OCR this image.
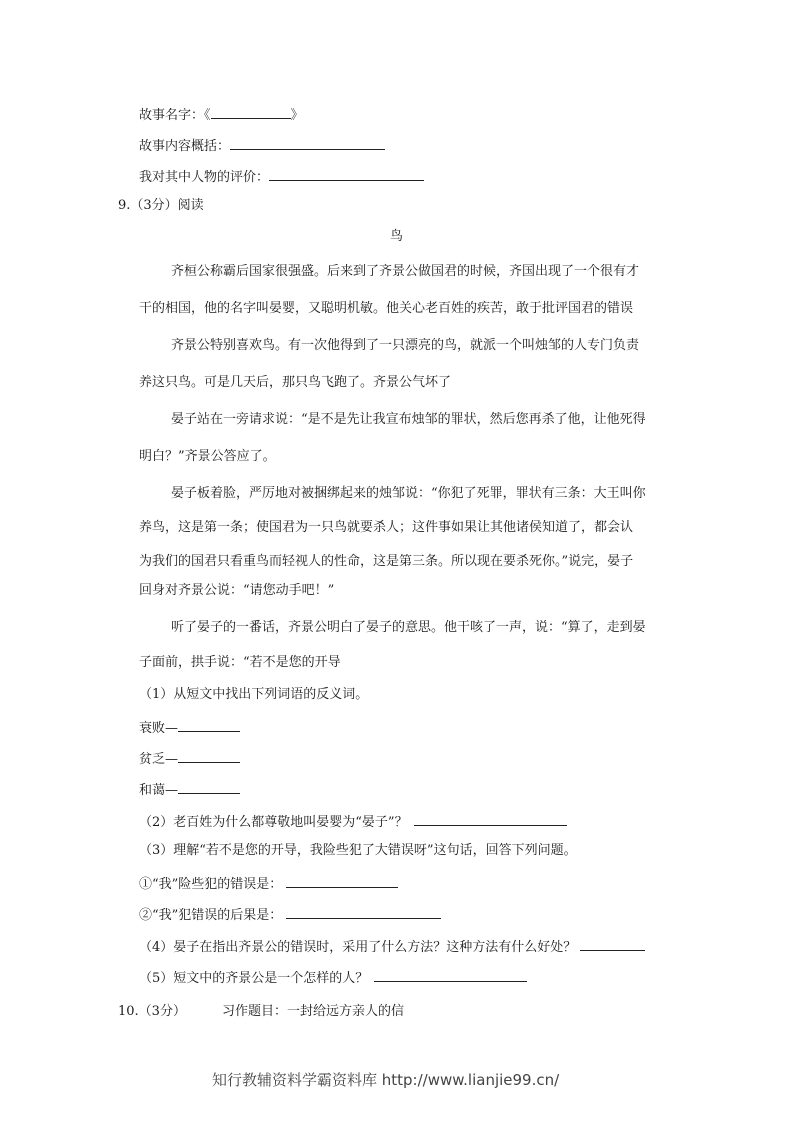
故事名字：《	》
故事内容概括：
我对其中人物的评价：
9.（3分）阅读
鸟
齐桓公称霸后国家很强盛。后来到了齐景公做国君的时候，齐国出现了一个很有才
干的相国，他的名字叫晏婴，又聪明机敏。他关心老百姓的疾苦，敢于批评国君的错误
齐景公特别喜欢鸟。有一次他得到了一只漂亮的鸟，就派一个叫烛邹的人专门负责
养这只鸟。可是几天后，那只鸟飞跑了。齐景公气坏了
晏子站在一旁请求说：“是不是先让我宣布烛邹的罪状，然后您再杀了他，让他死得
明白？”齐景公答应了。
晏子板着脸，严厉地对被捆绑起来的烛邹说：“你犯了死罪，罪状有三条：大王叫你
养鸟，这是第一条；使国君为一只鸟就要杀人；这件事如果让其他诸侯知道了，都会认
为我们的国君只看重鸟而轻视人的性命，这是第三条。所以现在要杀死你。”说完，晏子
回身对齐景公说：“请您动手吧！”
听了晏子的一番话，齐景公明白了晏子的意思。他干咳了一声，说：“算了，走到晏
子面前，拱手说：“若不是您的开导
（1）从短文中找出下列词语的反义词。
衰败—
贫乏—
和蔼—
（2）老百姓为什么都尊敬地叫晏婴为“晏子”？
（3）理解“若不是您的开导，我险些犯了大错误呀”这句话，回答下列问题。
①“我”险些犯的错误是：
②“我”犯错误的后果是：
（4）晏子在指出齐景公的错误时，采用了什么方法？这种方法有什么好处？
（5）短文中的齐景公是一个怎样的人？
10.（3分）	习作题目：一封给远方亲人的信
知行教辅资料学霸资料库 http://www.lianjie99.cn/
